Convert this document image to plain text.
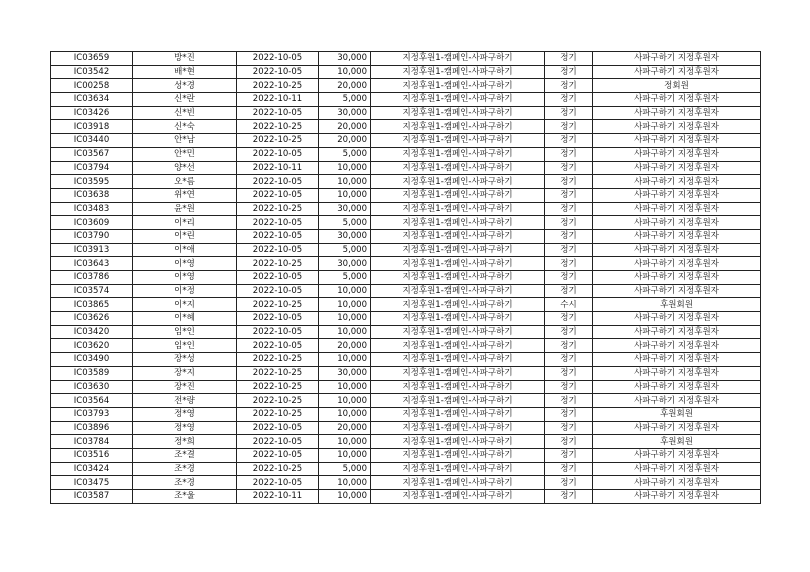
IC03659	방*진	2022-10-05	30,000	지정후원1-캠페인-사파구하기	정기	사파구하기 지정후원자
IC03542	배*현	2022-10-05	10,000	지정후원1-캠페인-사파구하기	정기	사파구하기 지정후원자
IC00258	성*경	2022-10-25	20,000	지정후원1-캠페인-사파구하기	정기	정회원
IC03634	신*란	2022-10-11	5,000	지정후원1-캠페인-사파구하기	정기	사파구하기 지정후원자
IC03426	신*빈	2022-10-05	30,000	지정후원1-캠페인-사파구하기	정기	사파구하기 지정후원자
IC03918	신*숙	2022-10-25	20,000	지정후원1-캠페인-사파구하기	정기	사파구하기 지정후원자
IC03440	안*남	2022-10-25	20,000	지정후원1-캠페인-사파구하기	정기	사파구하기 지정후원자
IC03567	안*민	2022-10-05	5,000	지정후원1-캠페인-사파구하기	정기	사파구하기 지정후원자
IC03794	양*선	2022-10-11	10,000	지정후원1-캠페인-사파구하기	정기	사파구하기 지정후원자
IC03595	오*름	2022-10-05	10,000	지정후원1-캠페인-사파구하기	정기	사파구하기 지정후원자
IC03638	위*연	2022-10-05	10,000	지정후원1-캠페인-사파구하기	정기	사파구하기 지정후원자
IC03483	윤*원	2022-10-25	30,000	지정후원1-캠페인-사파구하기	정기	사파구하기 지정후원자
IC03609	이*리	2022-10-05	5,000	지정후원1-캠페인-사파구하기	정기	사파구하기 지정후원자
IC03790	이*린	2022-10-05	30,000	지정후원1-캠페인-사파구하기	정기	사파구하기 지정후원자
IC03913	이*애	2022-10-05	5,000	지정후원1-캠페인-사파구하기	정기	사파구하기 지정후원자
IC03643	이*영	2022-10-25	30,000	지정후원1-캠페인-사파구하기	정기	사파구하기 지정후원자
IC03786	이*영	2022-10-05	5,000	지정후원1-캠페인-사파구하기	정기	사파구하기 지정후원자
IC03574	이*정	2022-10-05	10,000	지정후원1-캠페인-사파구하기	정기	사파구하기 지정후원자
IC03865	이*지	2022-10-25	10,000	지정후원1-캠페인-사파구하기	수시	후원회원
IC03626	이*혜	2022-10-05	10,000	지정후원1-캠페인-사파구하기	정기	사파구하기 지정후원자
IC03420	임*인	2022-10-05	10,000	지정후원1-캠페인-사파구하기	정기	사파구하기 지정후원자
IC03620	임*인	2022-10-05	20,000	지정후원1-캠페인-사파구하기	정기	사파구하기 지정후원자
IC03490	장*성	2022-10-25	10,000	지정후원1-캠페인-사파구하기	정기	사파구하기 지정후원자
IC03589	장*지	2022-10-25	30,000	지정후원1-캠페인-사파구하기	정기	사파구하기 지정후원자
IC03630	장*진	2022-10-25	10,000	지정후원1-캠페인-사파구하기	정기	사파구하기 지정후원자
IC03564	전*량	2022-10-25	10,000	지정후원1-캠페인-사파구하기	정기	사파구하기 지정후원자
IC03793	정*영	2022-10-25	10,000	지정후원1-캠페인-사파구하기	정기	후원회원
IC03896	정*영	2022-10-05	20,000	지정후원1-캠페인-사파구하기	정기	사파구하기 지정후원자
IC03784	정*희	2022-10-05	10,000	지정후원1-캠페인-사파구하기	정기	후원회원
IC03516	조*결	2022-10-05	10,000	지정후원1-캠페인-사파구하기	정기	사파구하기 지정후원자
IC03424	조*경	2022-10-25	5,000	지정후원1-캠페인-사파구하기	정기	사파구하기 지정후원자
IC03475	조*경	2022-10-05	10,000	지정후원1-캠페인-사파구하기	정기	사파구하기 지정후원자
IC03587	조*울	2022-10-11	10,000	지정후원1-캠페인-사파구하기	정기	사파구하기 지정후원자
